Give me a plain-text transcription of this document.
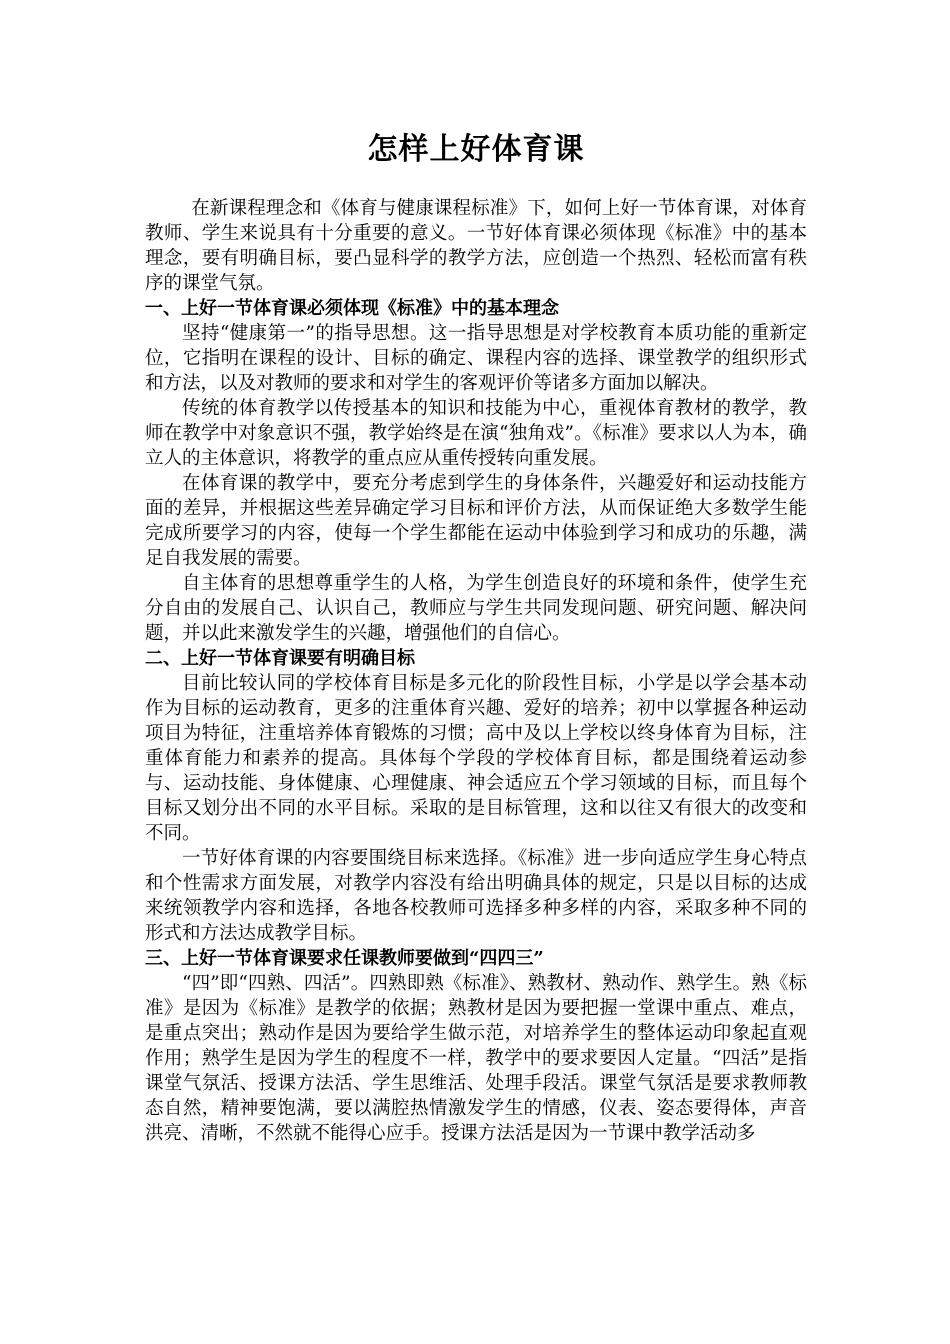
怎样上好体育课

在新课程理念和《体育与健康课程标准》下，如何上好一节体育课，对体育教师、学生来说具有十分重要的意义。一节好体育课必须体现《标准》中的基本理念，要有明确目标，要凸显科学的教学方法，应创造一个热烈、轻松而富有秩序的课堂气氛。

一、上好一节体育课必须体现《标准》中的基本理念

坚持“健康第一”的指导思想。这一指导思想是对学校教育本质功能的重新定位，它指明在课程的设计、目标的确定、课程内容的选择、课堂教学的组织形式和方法，以及对教师的要求和对学生的客观评价等诸多方面加以解决。

传统的体育教学以传授基本的知识和技能为中心，重视体育教材的教学，教师在教学中对象意识不强，教学始终是在演“独角戏”。《标准》要求以人为本，确立人的主体意识，将教学的重点应从重传授转向重发展。

在体育课的教学中，要充分考虑到学生的身体条件，兴趣爱好和运动技能方面的差异，并根据这些差异确定学习目标和评价方法，从而保证绝大多数学生能完成所要学习的内容，使每一个学生都能在运动中体验到学习和成功的乐趣，满足自我发展的需要。

自主体育的思想尊重学生的人格，为学生创造良好的环境和条件，使学生充分自由的发展自己、认识自己，教师应与学生共同发现问题、研究问题、解决问题，并以此来激发学生的兴趣，增强他们的自信心。

二、上好一节体育课要有明确目标

目前比较认同的学校体育目标是多元化的阶段性目标，小学是以学会基本动作为目标的运动教育，更多的注重体育兴趣、爱好的培养；初中以掌握各种运动项目为特征，注重培养体育锻炼的习惯；高中及以上学校以终身体育为目标，注重体育能力和素养的提高。具体每个学段的学校体育目标，都是围绕着运动参与、运动技能、身体健康、心理健康、神会适应五个学习领域的目标，而且每个目标又划分出不同的水平目标。采取的是目标管理，这和以往又有很大的改变和不同。

一节好体育课的内容要围绕目标来选择。《标准》进一步向适应学生身心特点和个性需求方面发展，对教学内容没有给出明确具体的规定，只是以目标的达成来统领教学内容和选择，各地各校教师可选择多种多样的内容，采取多种不同的形式和方法达成教学目标。

三、上好一节体育课要求任课教师要做到“四四三”

“四”即“四熟、四活”。四熟即熟《标准》、熟教材、熟动作、熟学生。熟《标准》是因为《标准》是教学的依据；熟教材是因为要把握一堂课中重点、难点，是重点突出；熟动作是因为要给学生做示范，对培养学生的整体运动印象起直观作用；熟学生是因为学生的程度不一样，教学中的要求要因人定量。“四活”是指课堂气氛活、授课方法活、学生思维活、处理手段活。课堂气氛活是要求教师教态自然，精神要饱满，要以满腔热情激发学生的情感，仪表、姿态要得体，声音洪亮、清晰，不然就不能得心应手。授课方法活是因为一节课中教学活动多
